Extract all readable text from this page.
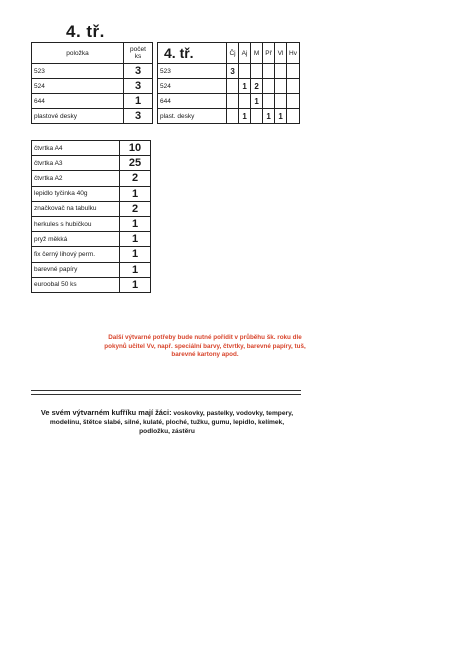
4. tř.
položka	počet ks
523	3
524	3
644	1
plastové desky	3
4. tř.	Čj	Aj	M	Př	Vl	Hv
523	3					
524		1	2			
644			1			
plast. desky		1		1	1	
čtvrtka A4	10
čtvrtka A3	25
čtvrtka A2	2
lepidlo tyčinka 40g	1
značkovač na tabulku	2
herkules s hubičkou	1
pryž měkká	1
fix černý lihový perm.	1
barevné papíry	1
euroobal 50 ks	1
Další výtvarné potřeby bude nutné pořídit v průběhu šk. roku dle pokynů učitel Vv, např. speciální barvy, čtvrtky, barevné papíry, tuš, barevné kartony apod.
Ve svém výtvarném kufříku mají žáci: voskovky, pastelky, vodovky, tempery, modelínu, štětce slabé, silné, kulaté, ploché, tužku, gumu, lepidlo, kelímek, podložku, zástěru
